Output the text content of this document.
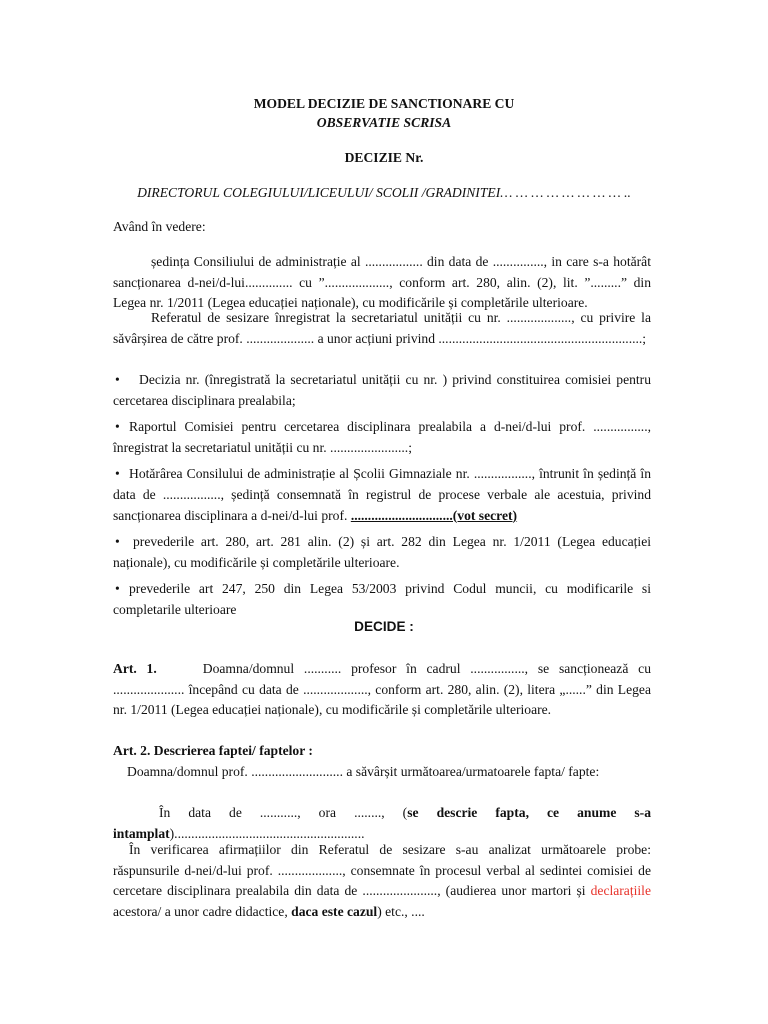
MODEL DECIZIE DE SANCTIONARE CU
OBSERVATIE SCRISA
DECIZIE Nr.
DIRECTORUL COLEGIULUI/LICEULUI/ SCOLII /GRADINITEI… … … … … … … … ..
Având în vedere:
ședința Consiliului de administrație al ................. din data de ..............., in care s-a hotărât sancționarea d-nei/d-lui.............. cu ”..................., conform art. 280, alin. (2), lit. ”.........” din Legea nr. 1/2011 (Legea educației naționale), cu modificările și completările ulterioare.
Referatul de sesizare înregistrat la secretariatul unității cu nr. ..................., cu privire la săvârșirea de către prof. .................... a unor acțiuni privind ............................................................;
• Decizia nr. (înregistrată la secretariatul unității cu nr. ) privind constituirea comisiei pentru cercetarea disciplinara prealabila;
• Raportul Comisiei pentru cercetarea disciplinara prealabila a d-nei/d-lui prof. ................, înregistrat la secretariatul unității cu nr. .......................;
• Hotărârea Consilului de administrație al Școlii Gimnaziale nr. ................., întrunit în ședință în data de ................., ședință consemnată în registrul de procese verbale ale acestuia, privind sancționarea disciplinara a d-nei/d-lui prof. ..............................(vot secret)
• prevederile art. 280, art. 281 alin. (2) și art. 282 din Legea nr. 1/2011 (Legea educației naționale), cu modificările și completările ulterioare.
• prevederile art 247, 250 din Legea 53/2003 privind Codul muncii, cu modificarile si completarile ulterioare
DECIDE :
Art. 1.	Doamna/domnul ........... profesor în cadrul ................, se sancționează cu ..................... începând cu data de ..................., conform art. 280, alin. (2), litera „......” din Legea nr. 1/2011 (Legea educației naționale), cu modificările și completările ulterioare.
Art. 2. Descrierea faptei/ faptelor :
Doamna/domnul prof. ........................... a săvârșit următoarea/urmatoarele fapta/ fapte:
În data de ..........., ora ........, (se descrie fapta, ce anume s-a intamplat)........................................................
În verificarea afirmațiilor din Referatul de sesizare s-au analizat următoarele probe: răspunsurile d-nei/d-lui prof. ..................., consemnate în procesul verbal al sedintei comisiei de cercetare disciplinara prealabila din data de ......................, (audierea unor martori și declarațiile acestora/ a unor cadre didactice, daca este cazul) etc., ....
